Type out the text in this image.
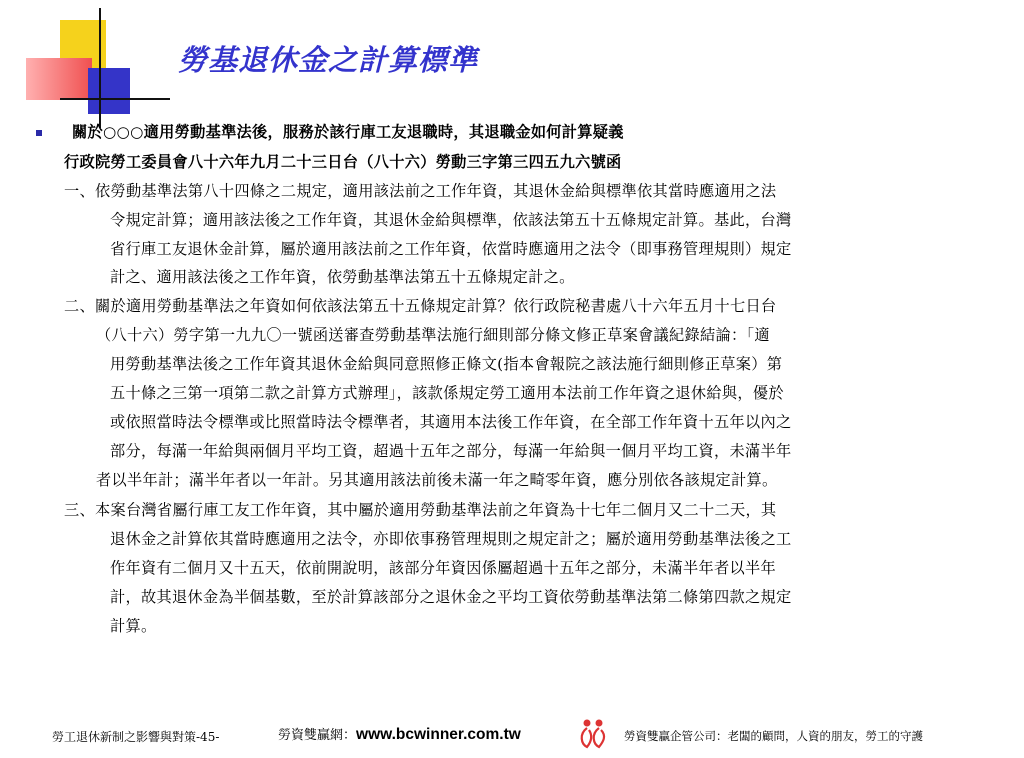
勞基退休金之計算標準
關於○○○適用勞動基準法後，服務於該行庫工友退職時，其退職金如何計算疑義
行政院勞工委員會八十六年九月二十三日台（八十六）勞動三字第三四五九六號函
一、依勞動基準法第八十四條之二規定，適用該法前之工作年資，其退休金給與標準依其當時應適用之法
令規定計算；適用該法後之工作年資，其退休金給與標準，依該法第五十五條規定計算。基此，台灣
省行庫工友退休金計算，屬於適用該法前之工作年資，依當時應適用之法令（即事務管理規則）規定
計之、適用該法後之工作年資，依勞動基準法第五十五條規定計之。
二、關於適用勞動基準法之年資如何依該法第五十五條規定計算？依行政院秘書處八十六年五月十七日台
（八十六）勞字第一九九〇一號函送審查勞動基準法施行細則部分條文修正草案會議紀錄結論：「適
用勞動基準法後之工作年資其退休金給與同意照修正條文(指本會報院之該法施行細則修正草案）第
五十條之三第一項第二款之計算方式辦理」，該款係規定勞工適用本法前工作年資之退休給與，優於
或依照當時法令標準或比照當時法令標準者，其適用本法後工作年資，在全部工作年資十五年以內之
部分，每滿一年給與兩個月平均工資，超過十五年之部分，每滿一年給與一個月平均工資，未滿半年
者以半年計；滿半年者以一年計。另其適用該法前後未滿一年之畸零年資，應分別依各該規定計算。
三、本案台灣省屬行庫工友工作年資，其中屬於適用勞動基準法前之年資為十七年二個月又二十二天，其
退休金之計算依其當時應適用之法令，亦即依事務管理規則之規定計之；屬於適用勞動基準法後之工
作年資有二個月又十五天，依前開說明，該部分年資因係屬超過十五年之部分，未滿半年者以半年
計，故其退休金為半個基數，至於計算該部分之退休金之平均工資依勞動基準法第二條第四款之規定
計算。
勞工退休新制之影響與對策-45-	勞資雙贏網：www.bcwinner.com.tw	勞資雙贏企管公司：老闆的顧問，人資的朋友，勞工的守護
